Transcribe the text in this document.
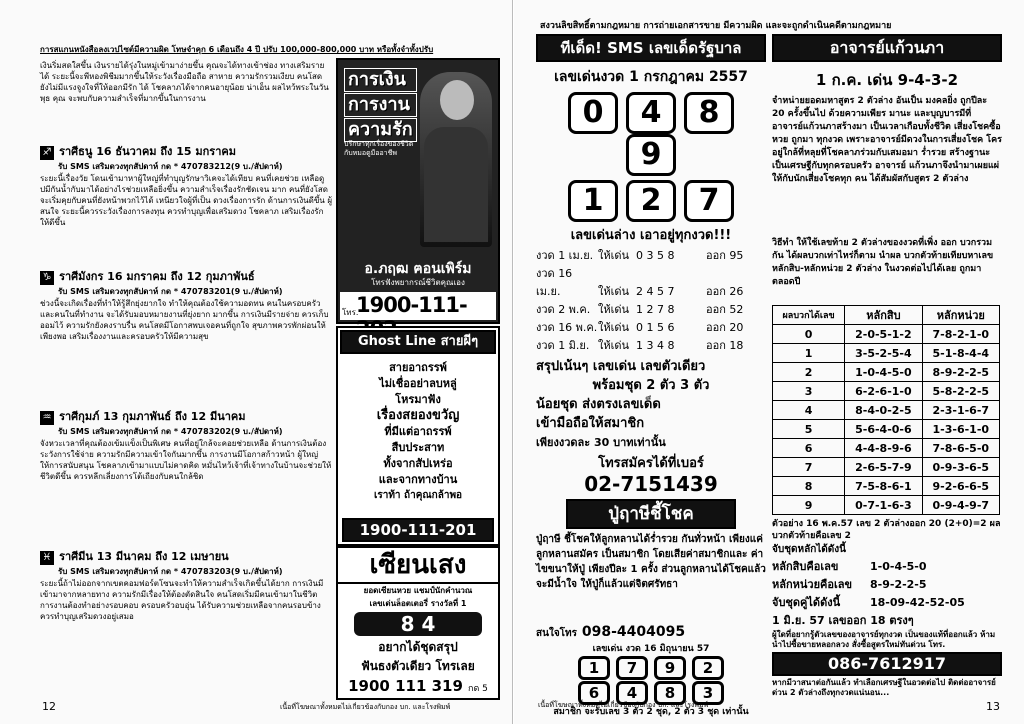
การสแกนหนังสือลงเวปไซต์มีความผิด โทษจำคุก 6 เดือนถึง 4 ปี ปรับ 100,000-800,000 บาท หรือทั้งจำทั้งปรับ
เงินริ่มสดใสขึ้น เงินรายได้รุ่งในหมู่เข้ามาง่ายขึ้น คุณจะได้ทางเข้าช่อง ทางเสริมรายได้ ระยะนี้จะพีหองพิชีมมากขึ้นให้ระวังเรื่องมือถือ สาหาย ความรักรวมเงียบ คนโสดยังไม่มีแรงจูงใจที่ให้ออกมีรัก ได้ โชคลาภได้จากคนอายุน้อย น่าเอ็น ผลไหว้พระในวันพุธ คุณ จะพบกับความสำเร็จที่มากขึ้นในการงาน
♐ ราศีธนู 16 ธันวาคม ถึง 15 มกราคม
รับ SMS เสริมดวงทุกสัปดาห์ กด * 470783212(9 บ./สัปดาห์)
ระยะนี้เรื่องวัย โดนเข้ามาหาผู้ใหญ่ที่ทำบุญรักษาวิเคจะได้เทียบ คนที่เคยช่วย เหลือดูปมีกันน้ำกับมาได้อย่างไรช่วยเหลือยิ่งขึ้น ความสำเร็จเรื่องรักชัดเจน มาก คนที่ยังโสดจะเริ่มคุยกับคนที่ยังหน้าพวกไว้ได้ เหนียวใจผู้ที่เป็น ดวงเรื่องการรัก ด้านการเงินดีขึ้น ผู้สนใจ ระยะนี้ควรระวังเรื่องการลงทุน ควรทำบุญเพื่อเสริมดวง โชคลาภ เสริมเรื่องรักให้ดีขึ้น
♑ ราศีมังกร 16 มกราคม ถึง 12 กุมภาพันธ์
รับ SMS เสริมดวงทุกสัปดาห์ กด * 470783201(9 บ./สัปดาห์)
ช่วงนี้จะเกิดเรื่องที่ทำให้รู้สึกยุ่งยากใจ ทำให้คุณต้องใช้ความอดทน คนในครอบครัวและคนในที่ทำงาน จะได้รับมอบหมายงานที่ยุ่งยาก มากขึ้น การเงินมีรายจ่าย ควรเก็บออมไว้ ความรักยังคงราบรื่น คนโสดมีโอกาสพบเจอคนที่ถูกใจ สุขภาพควรพักผ่อนให้เพียงพอ เสริมเรื่องงานและครอบครัวให้มีความสุข
♒ ราศีกุมภ์ 13 กุมภาพันธ์ ถึง 12 มีนาคม
รับ SMS เสริมดวงทุกสัปดาห์ กด * 470783202(9 บ./สัปดาห์)
จังหวะเวลาที่คุณต้องเข้มแข็งเป็นพิเศษ คนที่อยู่ใกล้จะคอยช่วยเหลือ ด้านการเงินต้องระวังการใช้จ่าย ความรักมีความเข้าใจกันมากขึ้น การงานมีโอกาสก้าวหน้า ผู้ใหญ่ให้การสนับสนุน โชคลาภเข้ามาแบบไม่คาดคิด หมั่นไหว้เจ้าที่เจ้าทางในบ้านจะช่วยให้ชีวิตดีขึ้น ควรหลีกเลี่ยงการโต้เถียงกับคนใกล้ชิด
♓ ราศีมีน 13 มีนาคม ถึง 12 เมษายน
รับ SMS เสริมดวงทุกสัปดาห์ กด * 470783203(9 บ./สัปดาห์)
ระยะนี้ถ้าไม่ออกจากเขตคอมฟอร์ตโซนจะทำให้ความสำเร็จเกิดขึ้นได้ยาก การเงินมีเข้ามาจากหลายทาง ความรักมีเรื่องให้ต้องตัดสินใจ คนโสดเริ่มมีคนเข้ามาในชีวิต การงานต้องทำอย่างรอบคอบ ครอบครัวอบอุ่น ได้รับความช่วยเหลือจากคนรอบข้าง ควรทำบุญเสริมดวงอยู่เสมอ
การเงิน
การงาน
ความรัก
ปรึกษาทุกเรื่องของชีวิต กับหมอดูมืออาชีพ
อ.ภฤฒ ฅอนเพิร์ม
โทรฟังพยากรณ์ชีวิตคุณเอง
โทร.
1900-111-
Ghost Line สายผีๆ
สายอาถรรพ์
ไม่เชื่ออย่าลบหลู่
โหรมาฟัง
เรื่องสยองขวัญ
ที่มีแต่อาถรรพ์
สืบประสาท
ทั้งจากสัปเหร่อ
และจากทางบ้าน
เราท้า ถ้าคุณกล้าพอ
1900-111-201
เซียนเสง
ยอดเซียนหวย แชมป์นักคำนวณ
เลขเด่นล็อตเตอรี่ รางวัลที่ 1
8 4
อยากได้ชุดสรุป
ฟันธงตัวเดียว โทรเลย
1900 111 319 กด 5
12	เนื้อที่โฆษณาทั้งหมดไม่เกี่ยวข้องกับกอง บก. และโรงพิมพ์
สงวนลิขสิทธิ์ตามกฎหมาย การถ่ายเอกสารขาย มีความผิด และจะถูกดำเนินคดีตามกฎหมาย
ทีเด็ด! SMS เลขเด็ดรัฐบาล
เลขเด่นงวด 1 กรกฎาคม 2557
0 4 89
1 2 7
เลขเด่นล่าง เอาอยู่ทุกงวด!!!
งวด 1 เม.ย. ให้เด่น 0 3 5 8	ออก 95
งวด 16 เม.ย.	ให้เด่น 2 4 5 7	ออก 26
งวด 2 พ.ค. ให้เด่น 1 2 7 8	ออก 52
งวด 16 พ.ค.ให้เด่น 0 1 5 6	ออก 20
งวด 1 มิ.ย. ให้เด่น 1 3 4 8	ออก 18
สรุปเน้นๆ เลขเด่น เลขตัวเดียว
พร้อมชุด 2 ตัว 3 ตัว
น้อยชุด ส่งตรงเลขเด็ด
เข้ามือถือให้สมาชิก
เพียงงวดละ 30 บาทเท่านั้น
โทรสมัครได้ที่เบอร์
02-7151439
ปู่ฤาษีชี้โชค
ปู่ฤาษี ชี้โชคให้ลูกหลานได้ร่ำรวย กันทั่วหน้า เพียงแค่ลูกหลานสมัคร เป็นสมาชิก โดยเสียค่าสมาชิกและ ค่าไขขนาให้ปู่ เพียงปีละ 1 ครั้ง ส่วนลูกหลานได้โชคแล้ว จะมีน้ำใจ ให้ปู่ก็แล้วแต่จิตศรัทธา
สนใจโทร 098-4404095
เลขเด่น งวด 16 มิถุนายน 57
1 7 9 2
6 4 8 3
สมาชิก จะรับเลข 3 ตัว 2 ชุด, 2 ตัว 3 ชุด เท่านั้น
เนื้อที่โฆษณาทั้งหมดไม่เกี่ยวข้องกับกอง บก. และโรงพิมพ์
อาจารย์แก้วนภา
1 ก.ค. เด่น 9-4-3-2
จำหน่ายยอดมหาสูตร 2 ตัวล่าง อันเป็น มงคลยิ่ง ถูกปีละ 20 ครั้งขึ้นไป ด้วยความเพียร มานะ และบุญบารมีที่อาจารย์แก้วนภาสร้างมา เป็นเวลาเกือบทั้งชีวิต เสี่ยงโชคซื้อหวย ถูกมา ทุกงวด เพราะอาจารย์มีดวงในการเสี่ยงโชค โคร อยู่ใกล้ที่หลุยที่โชคลาภร่วมกับเสมอมา ร่ำรวย สร้างฐานะเป็นเศรษฐีกับทุกครอบครัว อาจารย์ แก้วนภาจึงนำมาเผยแผ่ให้กับนักเสี่ยงโชคทุก คน ได้สัมผัสกับสูตร 2 ตัวล่าง
วิธีทำ ให้ใช้เลขท้าย 2 ตัวล่างของงวดที่เพิ่ง ออก บวกรวมกัน ได้ผลบวกเท่าไหร่ก็ตาม นำผล บวกตัวท้ายเทียบหาเลขหลักสิบ-หลักหน่วย 2 ตัวล่าง ในงวดต่อไปได้เลย ถูกมาตลอดปี
ผลบวกได้เลข	หลักสิบ	หลักหน่วย
0	2-0-5-1-2	7-8-2-1-0
1	3-5-2-5-4	5-1-8-4-4
2	1-0-4-5-0	8-9-2-2-5
3	6-2-6-1-0	5-8-2-2-5
4	8-4-0-2-5	2-3-1-6-7
5	5-6-4-0-6	1-3-6-1-0
6	4-4-8-9-6	7-8-6-5-0
7	2-6-5-7-9	0-9-3-6-5
8	7-5-8-6-1	9-2-6-6-5
9	0-7-1-6-3	0-9-4-9-7
ตัวอย่าง 16 พ.ค.57 เลข 2 ตัวล่างออก 20 (2+0)=2 ผลบวกตัวท้ายคือเลข 2
จับชุดหลักได้ดังนี้
หลักสิบคือเลข	1-0-4-5-0
หลักหน่วยคือเลข 8-9-2-2-5
จับชุดคู่ได้ดังนี้	18-09-42-52-05
1 มิ.ย. 57 เลขออก 18 ตรงๆ
ผู้ใดที่อยากรู้ตัวเลขของอาจารย์ทุกงวด เป็นของแท้ที่ออกแล้ว ห้ามนำไปซื้อขายหลอกลวง สั่งซื้อสูตรใหม่ทันด่วน โทร.
086-7612917
หากมีวาสนาต่อกันแล้ว ทำเลือกเศรษฐีในอวดต่อไป ติดต่ออาจารย์ด่วน 2 ตัวล่างถึงทุกงวดแน่นอน...
13
